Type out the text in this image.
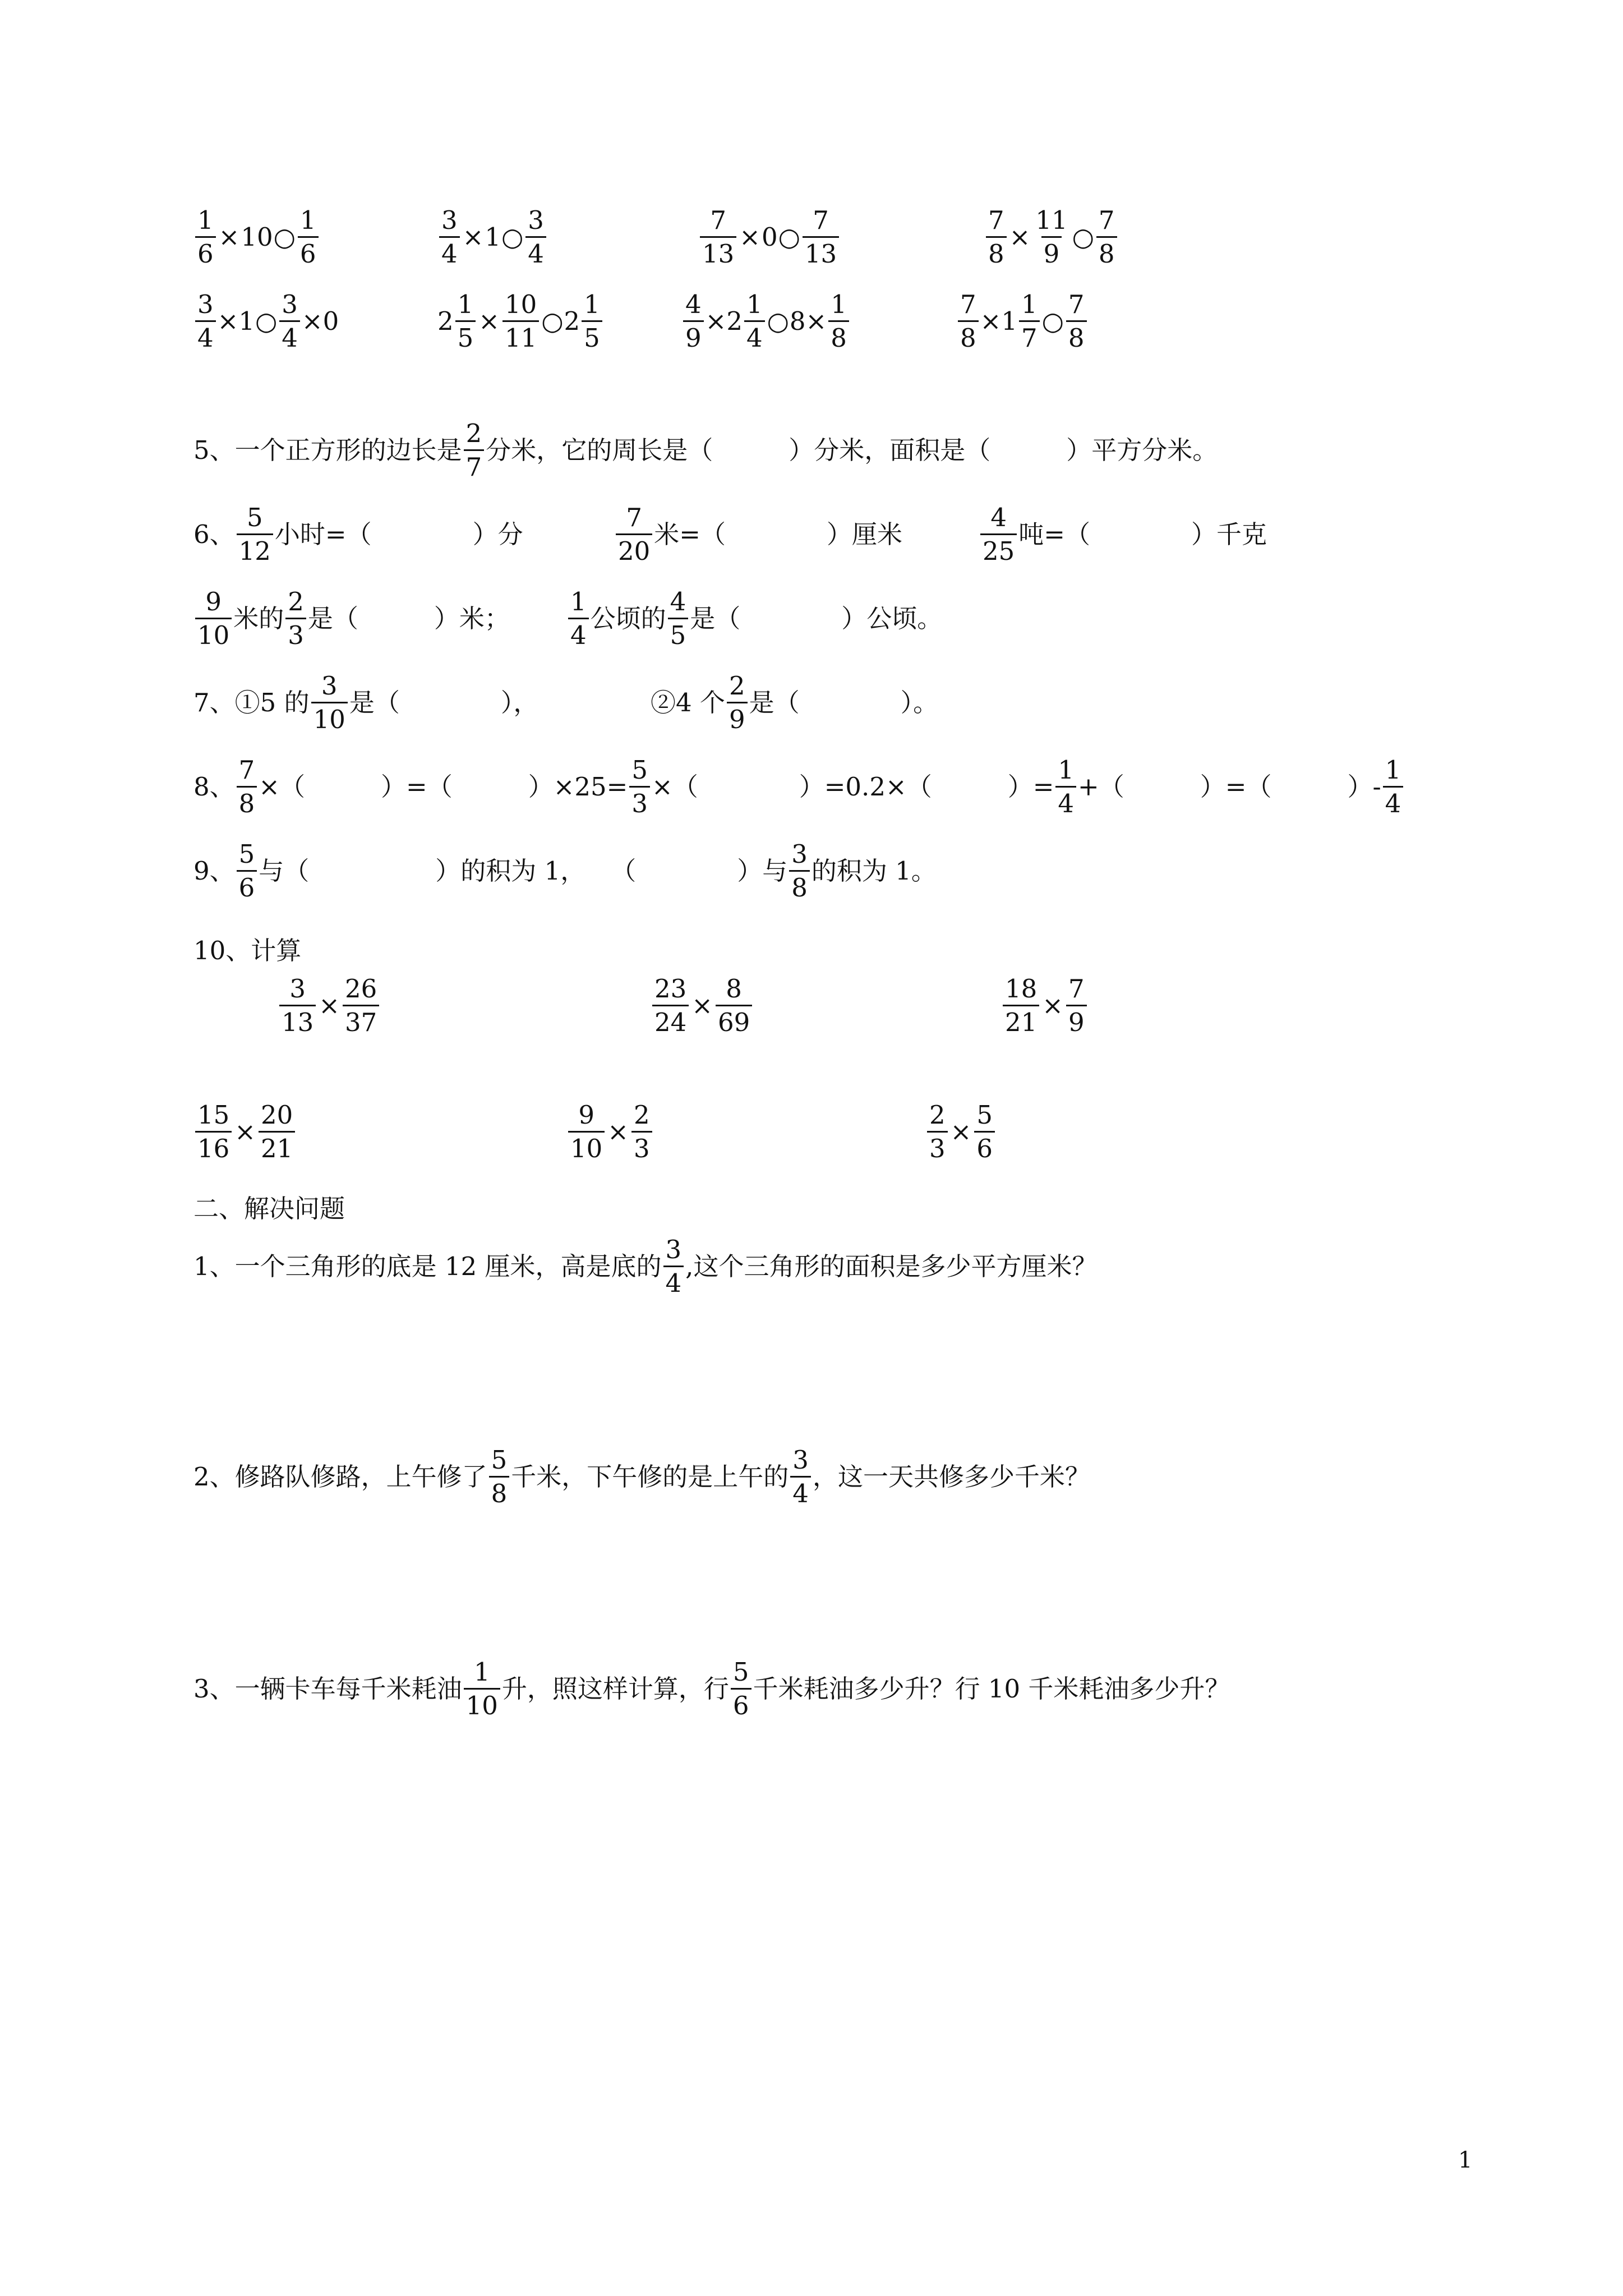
$\frac{1}{6} \times 10$ ○ $\frac{1}{6}$	$\frac{3}{4} \times 1$ ○ $\frac{3}{4}$	$\frac{7}{13} \times 0$ ○ $\frac{7}{13}$	$\frac{7}{8} \times \frac{11}{9}$ ○ $\frac{7}{8}$
$\frac{3}{4} \times 1$ ○ $\frac{3}{4} \times 0$	$2 \frac{1}{5} \times \frac{10}{11}$ ○ $2 \frac{1}{5}$	$\frac{4}{9} \times 2 \frac{1}{4}$ ○ $8\times \frac{1}{8}$	$\frac{7}{8} \times 1 \frac{1}{7}$ ○ $\frac{7}{8}$
5、一个正方形的边长是 $\frac{2}{7}$ 分米，它的周长是（　　　）分米，面积是（　　　）平方分米。
6、 $\frac{5}{12}$ 小时=（　　　　）分	$\frac{7}{20}$ 米=（　　　　）厘米	$\frac{4}{25}$ 吨=（　　　　）千克
$\frac{9}{10}$ 米的 $\frac{2}{3}$ 是（　　　）米； $\frac{1}{4}$ 公顷的 $\frac{4}{5}$ 是（　　　　）公顷。
7、①5 的 $\frac{3}{10}$ 是（　　　　），	②4 个 $\frac{2}{9}$ 是（　　　　）。
8、 $\frac{7}{8}$ ×（　　　）=（　　　）$\times 25= \frac{5}{3}$ ×（　　　　）=0.2×（　　　）= $\frac{1}{4}$ +（　　　）=（　　　）- $\frac{1}{4}$
9、 $\frac{5}{6}$ 与（　　　　　）的积为 1，　　（　　　　）与 $\frac{3}{8}$ 的积为 1。
10、计算
$\frac{3}{13} \times \frac{26}{37}$	$\frac{23}{24} \times \frac{8}{69}$	$\frac{18}{21} \times \frac{7}{9}$
$\frac{15}{16} \times \frac{20}{21}$	$\frac{9}{10} \times \frac{2}{3}$	$\frac{2}{3} \times \frac{5}{6}$
二、解决问题
1、一个三角形的底是 12 厘米，高是底的 $\frac{3}{4}$ ,这个三角形的面积是多少平方厘米？
2、修路队修路，上午修了 $\frac{5}{8}$ 千米，下午修的是上午的 $\frac{3}{4}$ ，这一天共修多少千米？
3、一辆卡车每千米耗油 $\frac{1}{10}$ 升，照这样计算，行 $\frac{5}{6}$ 千米耗油多少升？行 10 千米耗油多少升？
1
